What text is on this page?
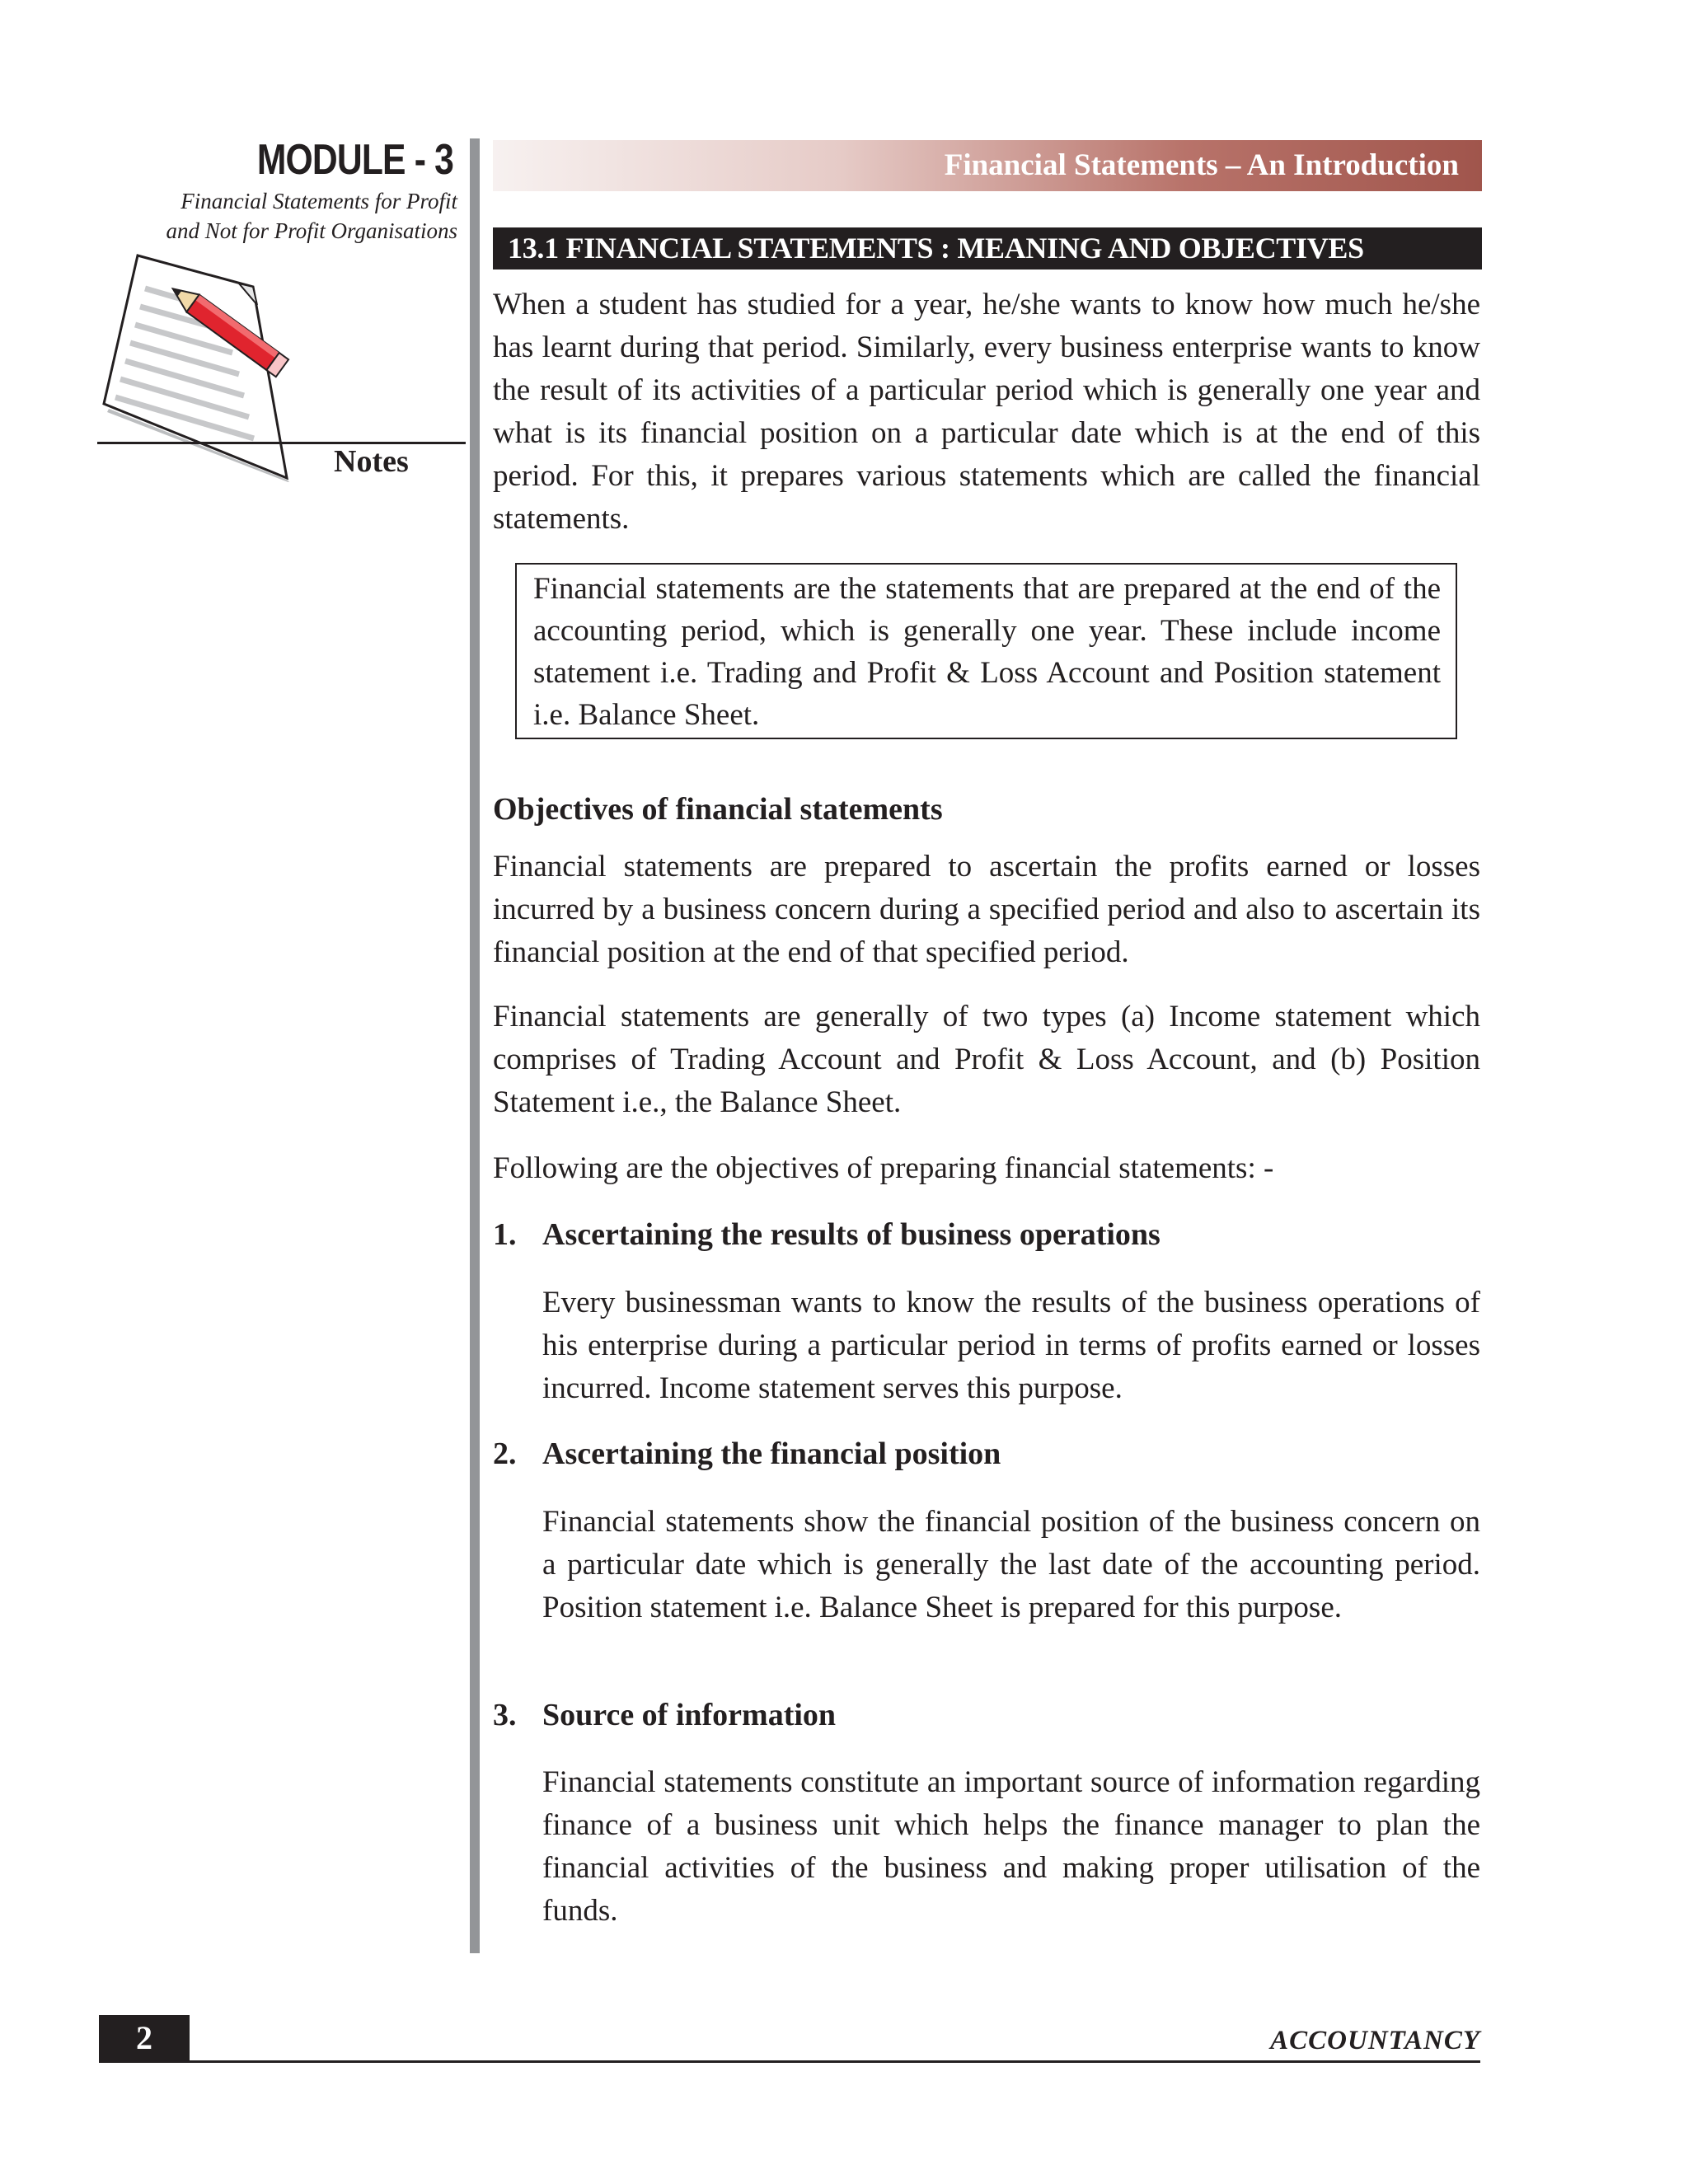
MODULE - 3
Financial Statements for Profit
and Not for Profit Organisations
Notes
Financial Statements – An Introduction
13.1 FINANCIAL STATEMENTS : MEANING AND OBJECTIVES

When a student has studied for a year, he/she wants to know how much he/she has learnt during that period. Similarly, every business enterprise wants to know the result of its activities of a particular period which is generally one year and what is its financial position on a particular date which is at the end of this period. For this, it prepares various statements which are called the financial statements.

Financial statements are the statements that are prepared at the end of the accounting period, which is generally one year. These include income statement i.e. Trading and Profit & Loss Account and Position statement i.e. Balance Sheet.

Objectives of financial statements

Financial statements are prepared to ascertain the profits earned or losses incurred by a business concern during a specified period and also to ascertain its financial position at the end of that specified period.

Financial statements are generally of two types (a) Income statement which comprises of Trading Account and Profit & Loss Account, and (b) Position Statement i.e., the Balance Sheet.

Following are the objectives of preparing financial statements: -

1. Ascertaining the results of business operations

Every businessman wants to know the results of the business operations of his enterprise during a particular period in terms of profits earned or losses incurred. Income statement serves this purpose.

2. Ascertaining the financial position

Financial statements show the financial position of the business concern on a particular date which is generally the last date of the accounting period. Position statement i.e. Balance Sheet is prepared for this purpose.

3. Source of information

Financial statements constitute an important source of information regarding finance of a business unit which helps the finance manager to plan the financial activities of the business and making proper utilisation of the funds.

2	ACCOUNTANCY
